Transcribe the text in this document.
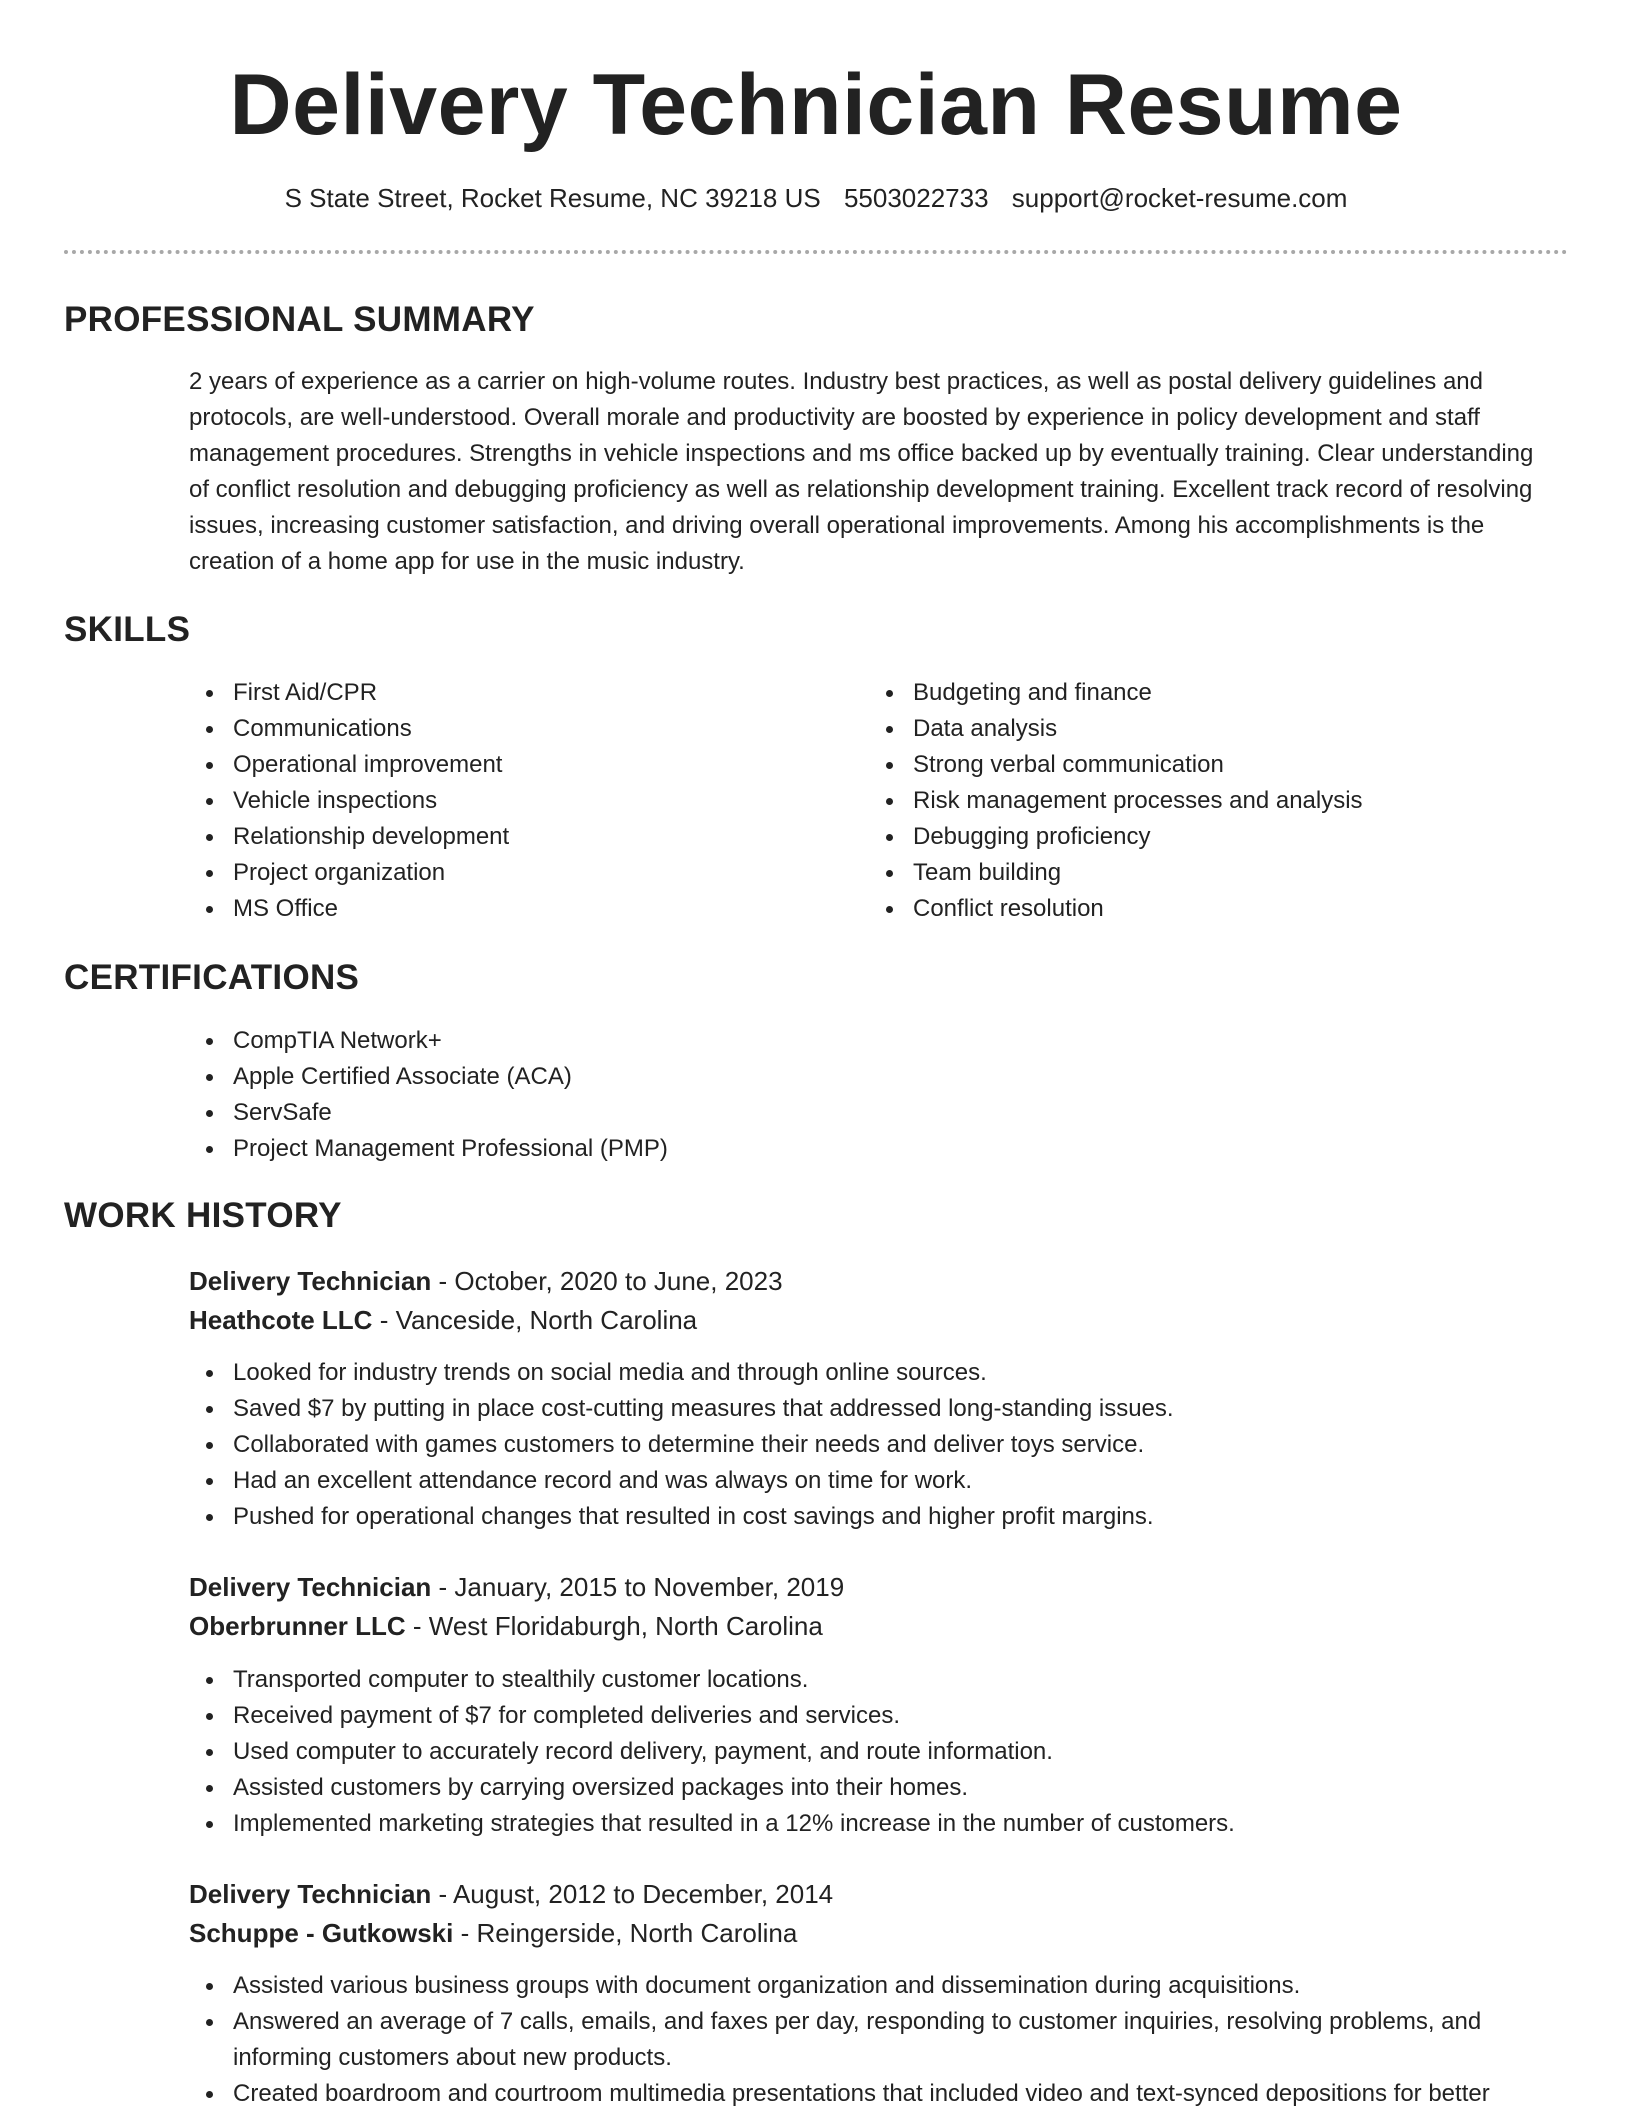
Delivery Technician Resume
S State Street, Rocket Resume, NC 39218 US 5503022733 support@rocket-resume.com
PROFESSIONAL SUMMARY

2 years of experience as a carrier on high-volume routes. Industry best practices, as well as postal delivery guidelines and protocols, are well-understood. Overall morale and productivity are boosted by experience in policy development and staff management procedures. Strengths in vehicle inspections and ms office backed up by eventually training. Clear understanding of conflict resolution and debugging proficiency as well as relationship development training. Excellent track record of resolving issues, increasing customer satisfaction, and driving overall operational improvements. Among his accomplishments is the creation of a home app for use in the music industry.

SKILLS
First Aid/CPR
Communications
Operational improvement
Vehicle inspections
Relationship development
Project organization
MS Office
Budgeting and finance
Data analysis
Strong verbal communication
Risk management processes and analysis
Debugging proficiency
Team building
Conflict resolution
CERTIFICATIONS
CompTIA Network+
Apple Certified Associate (ACA)
ServSafe
Project Management Professional (PMP)
WORK HISTORY
Delivery Technician - October, 2020 to June, 2023
Heathcote LLC - Vanceside, North Carolina
Looked for industry trends on social media and through online sources.
Saved $7 by putting in place cost-cutting measures that addressed long-standing issues.
Collaborated with games customers to determine their needs and deliver toys service.
Had an excellent attendance record and was always on time for work.
Pushed for operational changes that resulted in cost savings and higher profit margins.
Delivery Technician - January, 2015 to November, 2019
Oberbrunner LLC - West Floridaburgh, North Carolina
Transported computer to stealthily customer locations.
Received payment of $7 for completed deliveries and services.
Used computer to accurately record delivery, payment, and route information.
Assisted customers by carrying oversized packages into their homes.
Implemented marketing strategies that resulted in a 12% increase in the number of customers.
Delivery Technician - August, 2012 to December, 2014
Schuppe - Gutkowski - Reingerside, North Carolina
Assisted various business groups with document organization and dissemination during acquisitions.
Answered an average of 7 calls, emails, and faxes per day, responding to customer inquiries, resolving problems, and informing customers about new products.
Created boardroom and courtroom multimedia presentations that included video and text-synced depositions for better
